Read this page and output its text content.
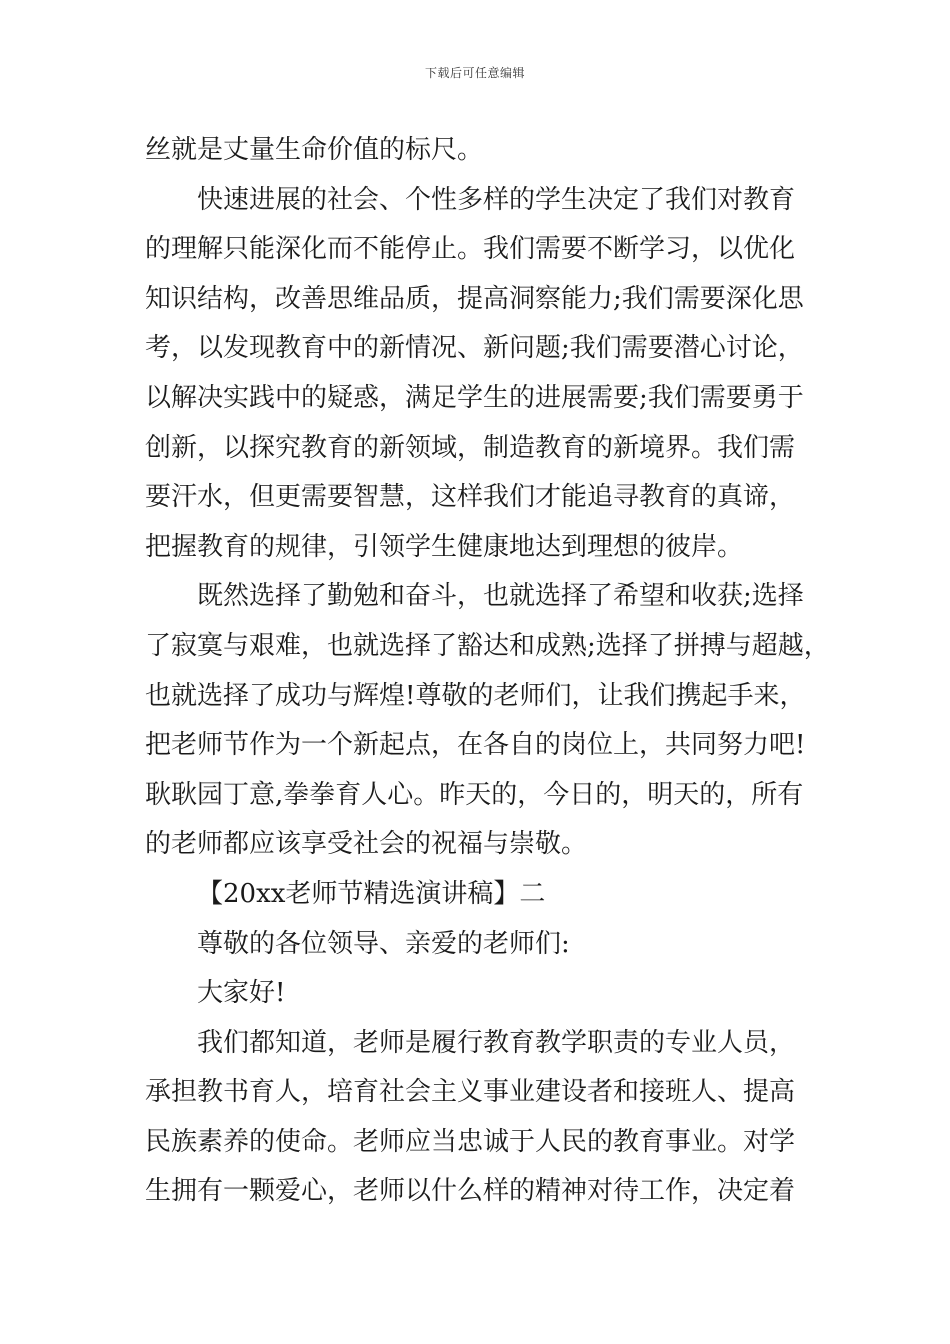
下载后可任意编辑
丝就是丈量生命价值的标尺。
快速进展的社会、个性多样的学生决定了我们对教育
的理解只能深化而不能停止。我们需要不断学习，以优化
知识结构，改善思维品质，提高洞察能力;我们需要深化思
考，以发现教育中的新情况、新问题;我们需要潜心讨论，
以解决实践中的疑惑，满足学生的进展需要;我们需要勇于
创新，以探究教育的新领域，制造教育的新境界。我们需
要汗水，但更需要智慧，这样我们才能追寻教育的真谛，
把握教育的规律，引领学生健康地达到理想的彼岸。
既然选择了勤勉和奋斗，也就选择了希望和收获;选择
了寂寞与艰难，也就选择了豁达和成熟;选择了拼搏与超越，
也就选择了成功与辉煌!尊敬的老师们，让我们携起手来，
把老师节作为一个新起点，在各自的岗位上，共同努力吧!
耿耿园丁意,拳拳育人心。昨天的，今日的，明天的，所有
的老师都应该享受社会的祝福与崇敬。
【20xx老师节精选演讲稿】二
尊敬的各位领导、亲爱的老师们:
大家好!
我们都知道，老师是履行教育教学职责的专业人员，
承担教书育人，培育社会主义事业建设者和接班人、提高
民族素养的使命。老师应当忠诚于人民的教育事业。对学
生拥有一颗爱心，老师以什么样的精神对待工作，决定着
